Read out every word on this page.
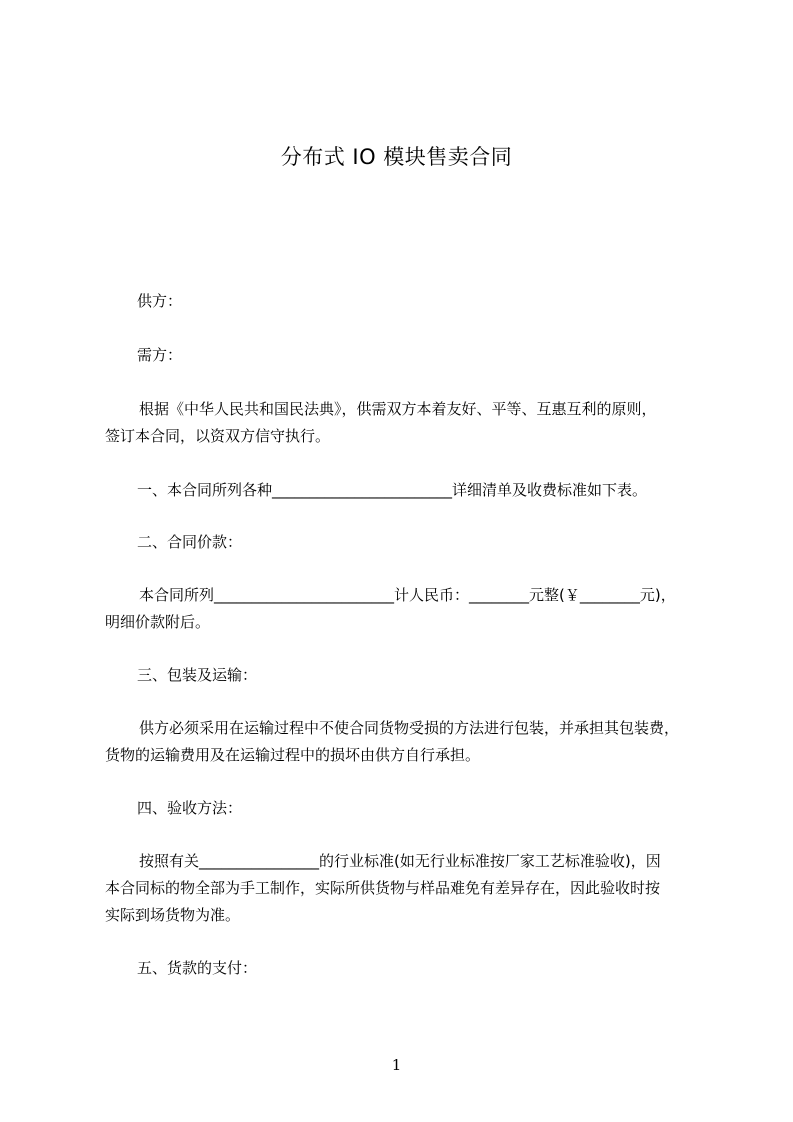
分布式 IO 模块售卖合同
供方：
需方：
根据《中华人民共和国民法典》，供需双方本着友好、平等、互惠互利的原则，
签订本合同，以资双方信守执行。
一、本合同所列各种________________________详细清单及收费标准如下表。
二、合同价款：
本合同所列________________________计人民币：________元整(￥________元)，
明细价款附后。
三、包装及运输：
供方必须采用在运输过程中不使合同货物受损的方法进行包装，并承担其包装费，
货物的运输费用及在运输过程中的损坏由供方自行承担。
四、验收方法：
按照有关________________的行业标准(如无行业标准按厂家工艺标准验收)，因
本合同标的物全部为手工制作，实际所供货物与样品难免有差异存在，因此验收时按
实际到场货物为准。
五、货款的支付：
1
